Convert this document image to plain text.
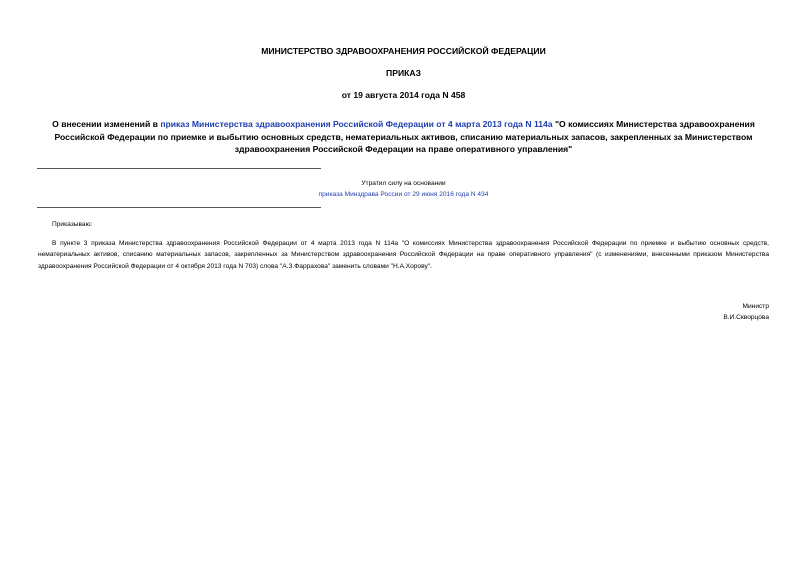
МИНИСТЕРСТВО ЗДРАВООХРАНЕНИЯ РОССИЙСКОЙ ФЕДЕРАЦИИ
ПРИКАЗ
от 19 августа 2014 года N 458
О внесении изменений в приказ Министерства здравоохранения Российской Федерации от 4 марта 2013 года N 114а "О комиссиях Министерства здравоохранения Российской Федерации по приемке и выбытию основных средств, нематериальных активов, списанию материальных запасов, закрепленных за Министерством здравоохранения Российской Федерации на праве оперативного управления"
Утратил силу на основании
приказа Минздрава России от 29 июня 2016 года N 434
Приказываю:
В пункте 3 приказа Министерства здравоохранения Российской Федерации от 4 марта 2013 года N 114а "О комиссиях Министерства здравоохранения Российской Федерации по приемке и выбытию основных средств, нематериальных активов, списанию материальных запасов, закрепленных за Министерством здравоохранения Российской Федерации на праве оперативного управления" (с изменениями, внесенными приказом Министерства здравоохранения Российской Федерации от 4 октября 2013 года N 703) слова "А.З.Фаррахова" заменить словами "Н.А.Хорову".
Министр
В.И.Скворцова
